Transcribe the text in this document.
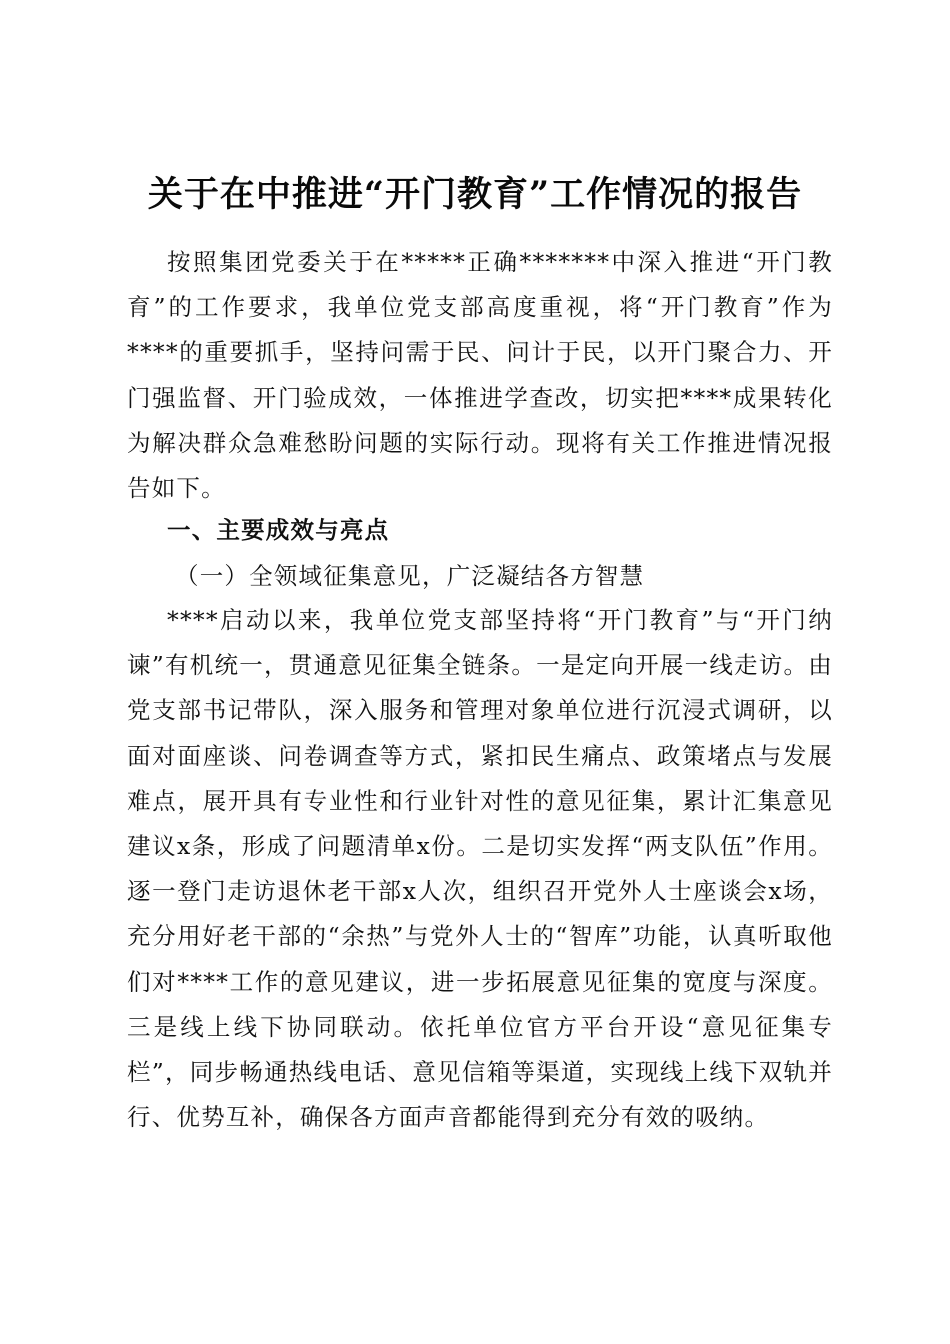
关于在中推进“开门教育”工作情况的报告

按照集团党委关于在*****正确*******中深入推进“开门教育”的工作要求，我单位党支部高度重视，将“开门教育”作为****的重要抓手，坚持问需于民、问计于民，以开门聚合力、开门强监督、开门验成效，一体推进学查改，切实把****成果转化为解决群众急难愁盼问题的实际行动。现将有关工作推进情况报告如下。

一、主要成效与亮点

（一）全领域征集意见，广泛凝结各方智慧

****启动以来，我单位党支部坚持将“开门教育”与“开门纳谏”有机统一，贯通意见征集全链条。一是定向开展一线走访。由党支部书记带队，深入服务和管理对象单位进行沉浸式调研，以面对面座谈、问卷调查等方式，紧扣民生痛点、政策堵点与发展难点，展开具有专业性和行业针对性的意见征集，累计汇集意见建议x条，形成了问题清单x份。二是切实发挥“两支队伍”作用。逐一登门走访退休老干部x人次，组织召开党外人士座谈会x场，充分用好老干部的“余热”与党外人士的“智库”功能，认真听取他们对****工作的意见建议，进一步拓展意见征集的宽度与深度。三是线上线下协同联动。依托单位官方平台开设“意见征集专栏”，同步畅通热线电话、意见信箱等渠道，实现线上线下双轨并行、优势互补，确保各方面声音都能得到充分有效的吸纳。
